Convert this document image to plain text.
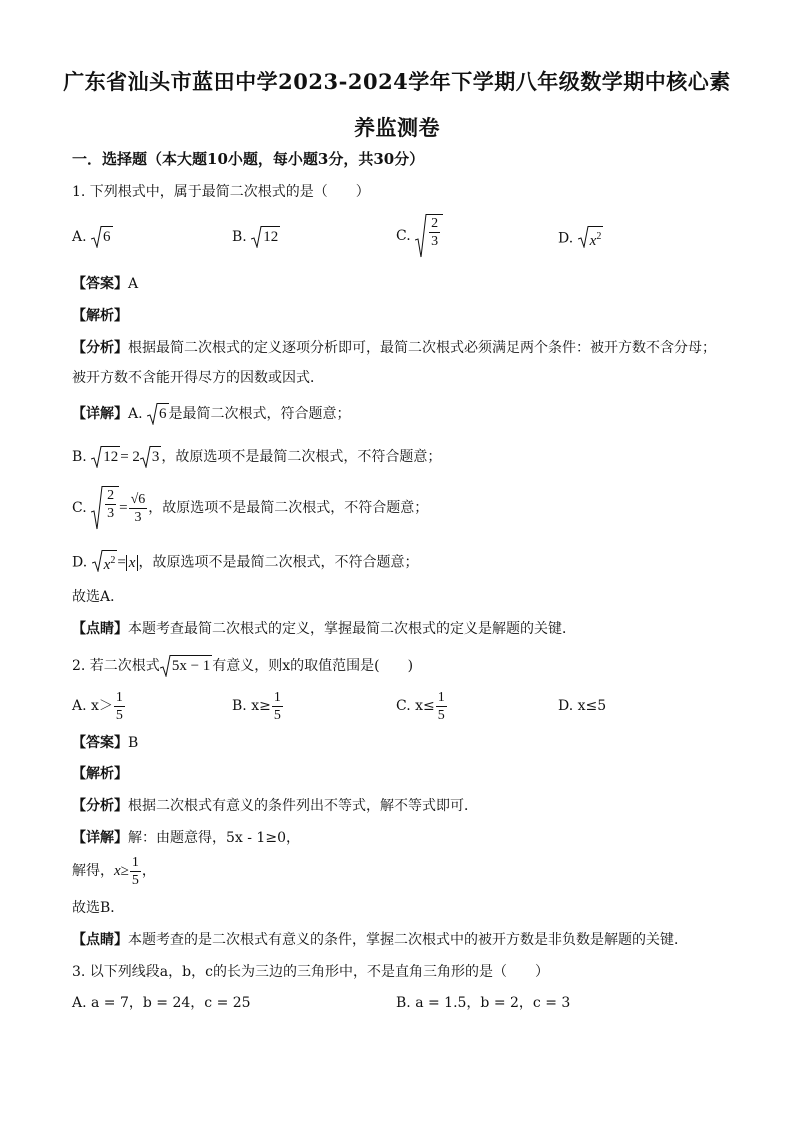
广东省汕头市蓝田中学2023-2024学年下学期八年级数学期中核心素
养监测卷
一．选择题（本大题10小题，每小题3分，共30分）
1. 下列根式中，属于最简二次根式的是（　　）
A. 6	B. 12	C. $\frac{2}{3}$	D. $x^2$
【答案】A
【解析】
【分析】根据最简二次根式的定义逐项分析即可，最简二次根式必须满足两个条件：被开方数不含分母；
被开方数不含能开得尽方的因数或因式．
【详解】A. 6 是最简二次根式，符合题意；
B. 12 = 2 3 ，故原选项不是最简二次根式，不符合题意；
C. $\frac{2}{3} = \frac{√6}{3}$ ，故原选项不是最简二次根式，不符合题意；
D. $x^2 = x$ ，故原选项不是最简二次根式，不符合题意；
故选A．
【点睛】本题考查最简二次根式的定义，掌握最简二次根式的定义是解题的关键．
2. 若二次根式 5x − 1 有意义，则x的取值范围是(　　)
A. $x> \frac{1}{5}$	B. $x\ge \frac{1}{5}$	C. $x\le \frac{1}{5}$	D. x≤5
【答案】B
【解析】
【分析】根据二次根式有意义的条件列出不等式，解不等式即可．
【详解】解：由题意得，5x - 1≥0，
解得，$x\ge \frac{1}{5}$ ，
故选B．
【点睛】本题考查的是二次根式有意义的条件，掌握二次根式中的被开方数是非负数是解题的关键．
3. 以下列线段a，b，c的长为三边的三角形中，不是直角三角形的是（　　）
A. a = 7，b = 24，c = 25	B. a = 1.5，b = 2，c = 3
